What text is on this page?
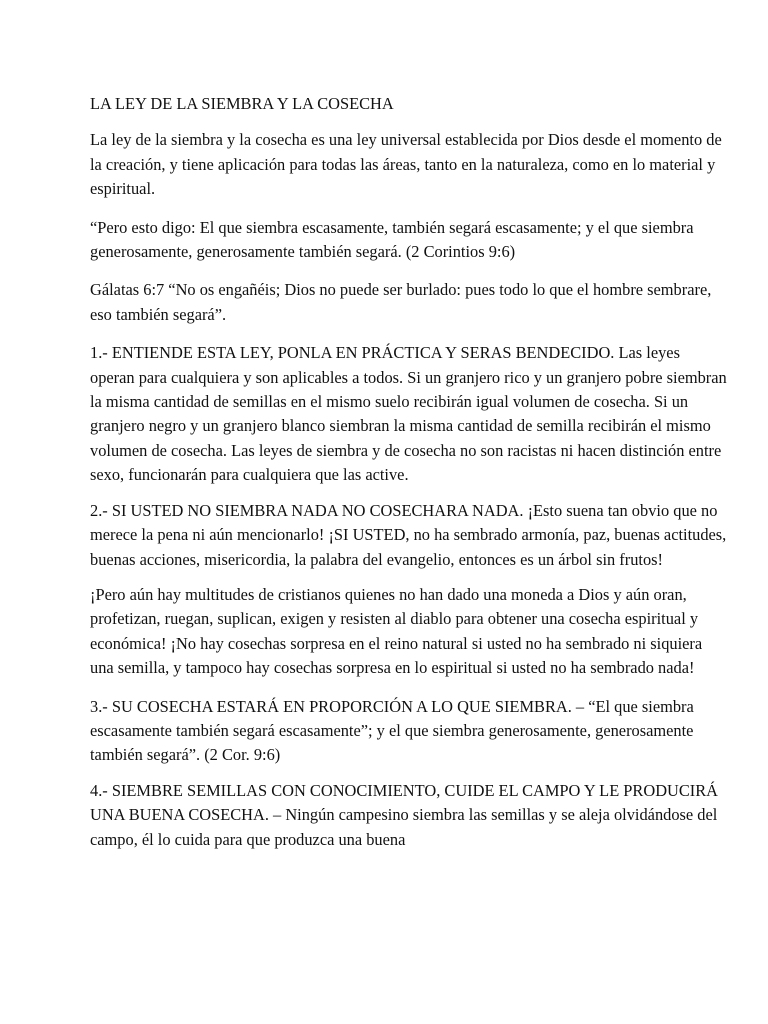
LA LEY DE LA SIEMBRA Y LA COSECHA

La ley de la siembra y la cosecha es una ley universal establecida por Dios desde el momento de la creación, y tiene aplicación para todas las áreas, tanto en la naturaleza, como en lo material y espiritual.

“Pero esto digo: El que siembra escasamente, también segará escasamente; y el que siembra generosamente, generosamente también segará. (2 Corintios 9:6)

Gálatas 6:7 “No os engañéis; Dios no puede ser burlado: pues todo lo que el hombre sembrare, eso también segará”.

1.- ENTIENDE ESTA LEY, PONLA EN PRÁCTICA Y SERAS BENDECIDO. Las leyes operan para cualquiera y son aplicables a todos. Si un granjero rico y un granjero pobre siembran la misma cantidad de semillas en el mismo suelo recibirán igual volumen de cosecha. Si un granjero negro y un granjero blanco siembran la misma cantidad de semilla recibirán el mismo volumen de cosecha. Las leyes de siembra y de cosecha no son racistas ni hacen distinción entre sexo, funcionarán para cualquiera que las active.

2.- SI USTED NO SIEMBRA NADA NO COSECHARA NADA. ¡Esto suena tan obvio que no merece la pena ni aún mencionarlo! ¡SI USTED, no ha sembrado armonía, paz, buenas actitudes, buenas acciones, misericordia, la palabra del evangelio, entonces es un árbol sin frutos!

¡Pero aún hay multitudes de cristianos quienes no han dado una moneda a Dios y aún oran, profetizan, ruegan, suplican, exigen y resisten al diablo para obtener una cosecha espiritual y económica! ¡No hay cosechas sorpresa en el reino natural si usted no ha sembrado ni siquiera una semilla, y tampoco hay cosechas sorpresa en lo espiritual si usted no ha sembrado nada!

3.- SU COSECHA ESTARÁ EN PROPORCIÓN A LO QUE SIEMBRA. – “El que siembra escasamente también segará escasamente”; y el que siembra generosamente, generosamente también segará”. (2 Cor. 9:6)

4.- SIEMBRE SEMILLAS CON CONOCIMIENTO, CUIDE EL CAMPO Y LE PRODUCIRÁ UNA BUENA COSECHA. – Ningún campesino siembra las semillas y se aleja olvidándose del campo, él lo cuida para que produzca una buena
